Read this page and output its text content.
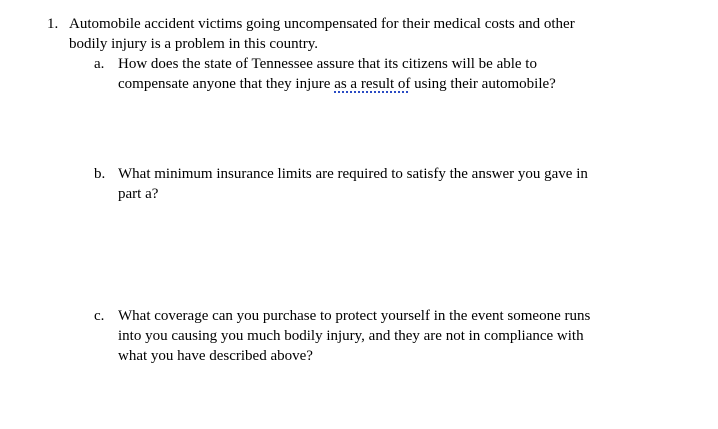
1. Automobile accident victims going uncompensated for their medical costs and other
bodily injury is a problem in this country.
a. How does the state of Tennessee assure that its citizens will be able to
compensate anyone that they injure as a result of using their automobile?
b. What minimum insurance limits are required to satisfy the answer you gave in
part a?
c. What coverage can you purchase to protect yourself in the event someone runs
into you causing you much bodily injury, and they are not in compliance with
what you have described above?
